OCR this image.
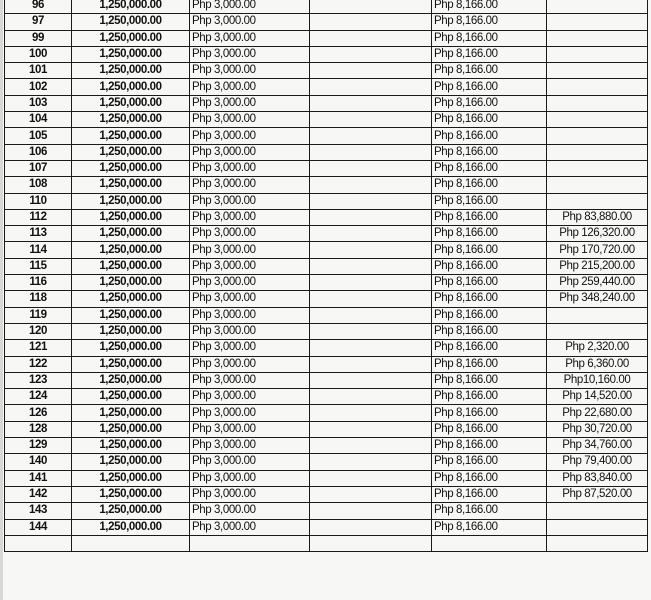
96	1,250,000.00	Php 3,000.00		Php 8,166.00	
97	1,250,000.00	Php 3,000.00		Php 8,166.00	
99	1,250,000.00	Php 3,000.00		Php 8,166.00	
100	1,250,000.00	Php 3,000.00		Php 8,166.00	
101	1,250,000.00	Php 3,000.00		Php 8,166.00	
102	1,250,000.00	Php 3,000.00		Php 8,166.00	
103	1,250,000.00	Php 3,000.00		Php 8,166.00	
104	1,250,000.00	Php 3,000.00		Php 8,166.00	
105	1,250,000.00	Php 3,000.00		Php 8,166.00	
106	1,250,000.00	Php 3,000.00		Php 8,166.00	
107	1,250,000.00	Php 3,000.00		Php 8,166.00	
108	1,250,000.00	Php 3,000.00		Php 8,166.00	
110	1,250,000.00	Php 3,000.00		Php 8,166.00	
112	1,250,000.00	Php 3,000.00		Php 8,166.00	Php 83,880.00
113	1,250,000.00	Php 3,000.00		Php 8,166.00	Php 126,320.00
114	1,250,000.00	Php 3,000.00		Php 8,166.00	Php 170,720.00
115	1,250,000.00	Php 3,000.00		Php 8,166.00	Php 215,200.00
116	1,250,000.00	Php 3,000.00		Php 8,166.00	Php 259,440.00
118	1,250,000.00	Php 3,000.00		Php 8,166.00	Php 348,240.00
119	1,250,000.00	Php 3,000.00		Php 8,166.00	
120	1,250,000.00	Php 3,000.00		Php 8,166.00	
121	1,250,000.00	Php 3,000.00		Php 8,166.00	Php 2,320.00
122	1,250,000.00	Php 3,000.00		Php 8,166.00	Php 6,360.00
123	1,250,000.00	Php 3,000.00		Php 8,166.00	Php10,160.00
124	1,250,000.00	Php 3,000.00		Php 8,166.00	Php 14,520.00
126	1,250,000.00	Php 3,000.00		Php 8,166.00	Php 22,680.00
128	1,250,000.00	Php 3,000.00		Php 8,166.00	Php 30,720.00
129	1,250,000.00	Php 3,000.00		Php 8,166.00	Php 34,760.00
140	1,250,000.00	Php 3,000.00		Php 8,166.00	Php 79,400.00
141	1,250,000.00	Php 3,000.00		Php 8,166.00	Php 83,840.00
142	1,250,000.00	Php 3,000.00		Php 8,166.00	Php 87,520.00
143	1,250,000.00	Php 3,000.00		Php 8,166.00	
144	1,250,000.00	Php 3,000.00		Php 8,166.00	
